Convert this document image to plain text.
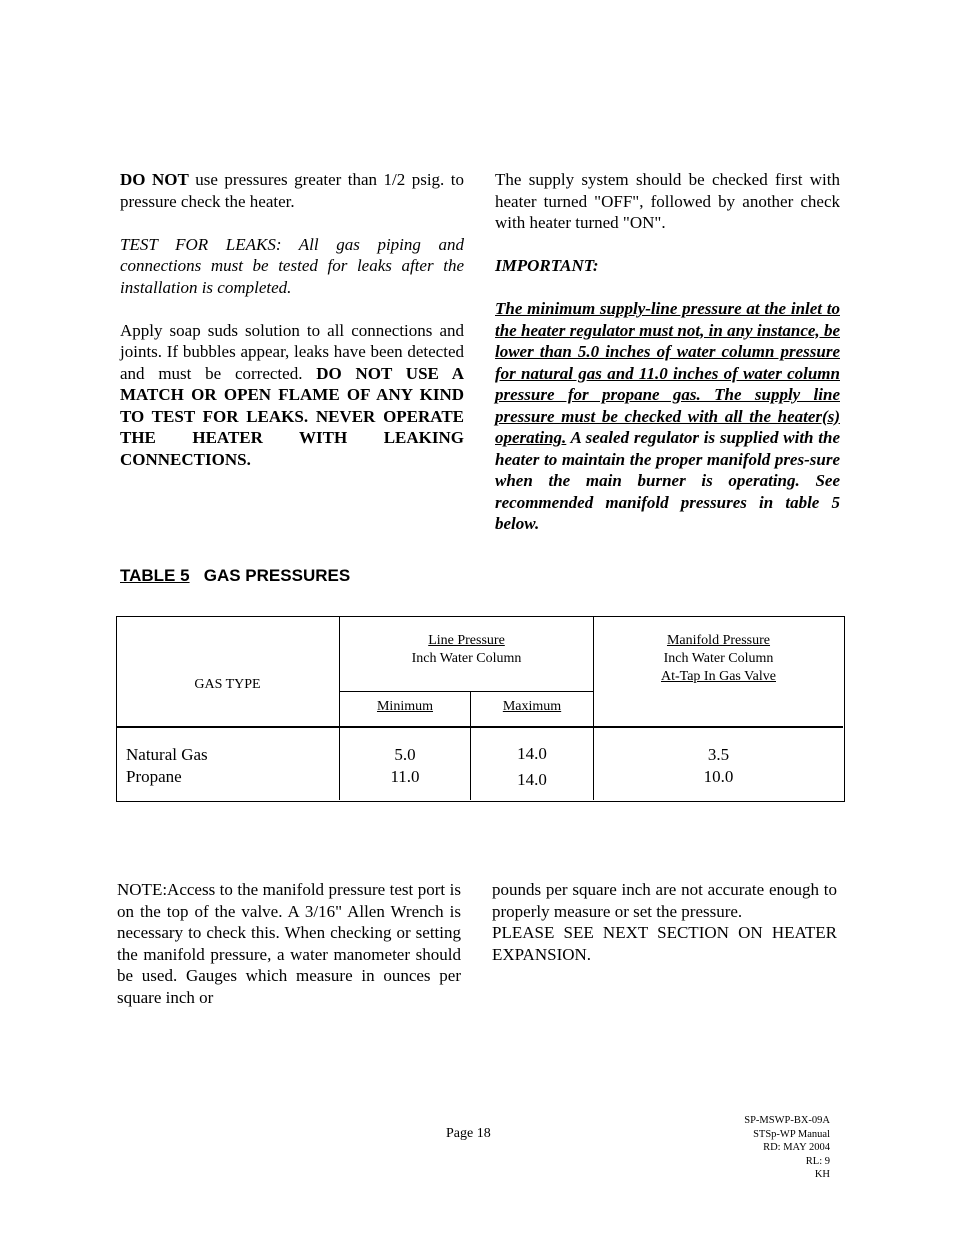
DO NOT use pressures greater than 1/2 psig. to pressure check the heater.

TEST FOR LEAKS: All gas piping and connections must be tested for leaks after the installation is completed.

Apply soap suds solution to all connections and joints. If bubbles appear, leaks have been detected and must be corrected. DO NOT USE A MATCH OR OPEN FLAME OF ANY KIND TO TEST FOR LEAKS. NEVER OPERATE THE HEATER WITH LEAKING CONNECTIONS.

The supply system should be checked first with heater turned "OFF", followed by another check with heater turned "ON".

IMPORTANT:

The minimum supply-line pressure at the inlet to the heater regulator must not, in any instance, be lower than 5.0 inches of water column pressure for natural gas and 11.0 inches of water column pressure for propane gas. The supply line pressure must be checked with all the heater(s) operating. A sealed regulator is supplied with the heater to maintain the proper manifold pres-sure when the main burner is operating. See recommended manifold pressures in table 5 below.

TABLE 5 GAS PRESSURES
GAS TYPE
Line Pressure
Inch Water Column
Manifold Pressure
Inch Water Column
At-Tap In Gas Valve
Minimum	Maximum
Natural Gas
Propane
5.0
11.0
14.0
14.0
3.5
10.0

NOTE:Access to the manifold pressure test port is on the top of the valve. A 3/16" Allen Wrench is necessary to check this. When checking or setting the manifold pressure, a water manometer should be used. Gauges which measure in ounces per square inch or

pounds per square inch are not accurate enough to properly measure or set the pressure.

PLEASE SEE NEXT SECTION ON HEATER EXPANSION.

Page 18
SP-MSWP-BX-09A
STSp-WP Manual
RD: MAY 2004
RL: 9
KH
